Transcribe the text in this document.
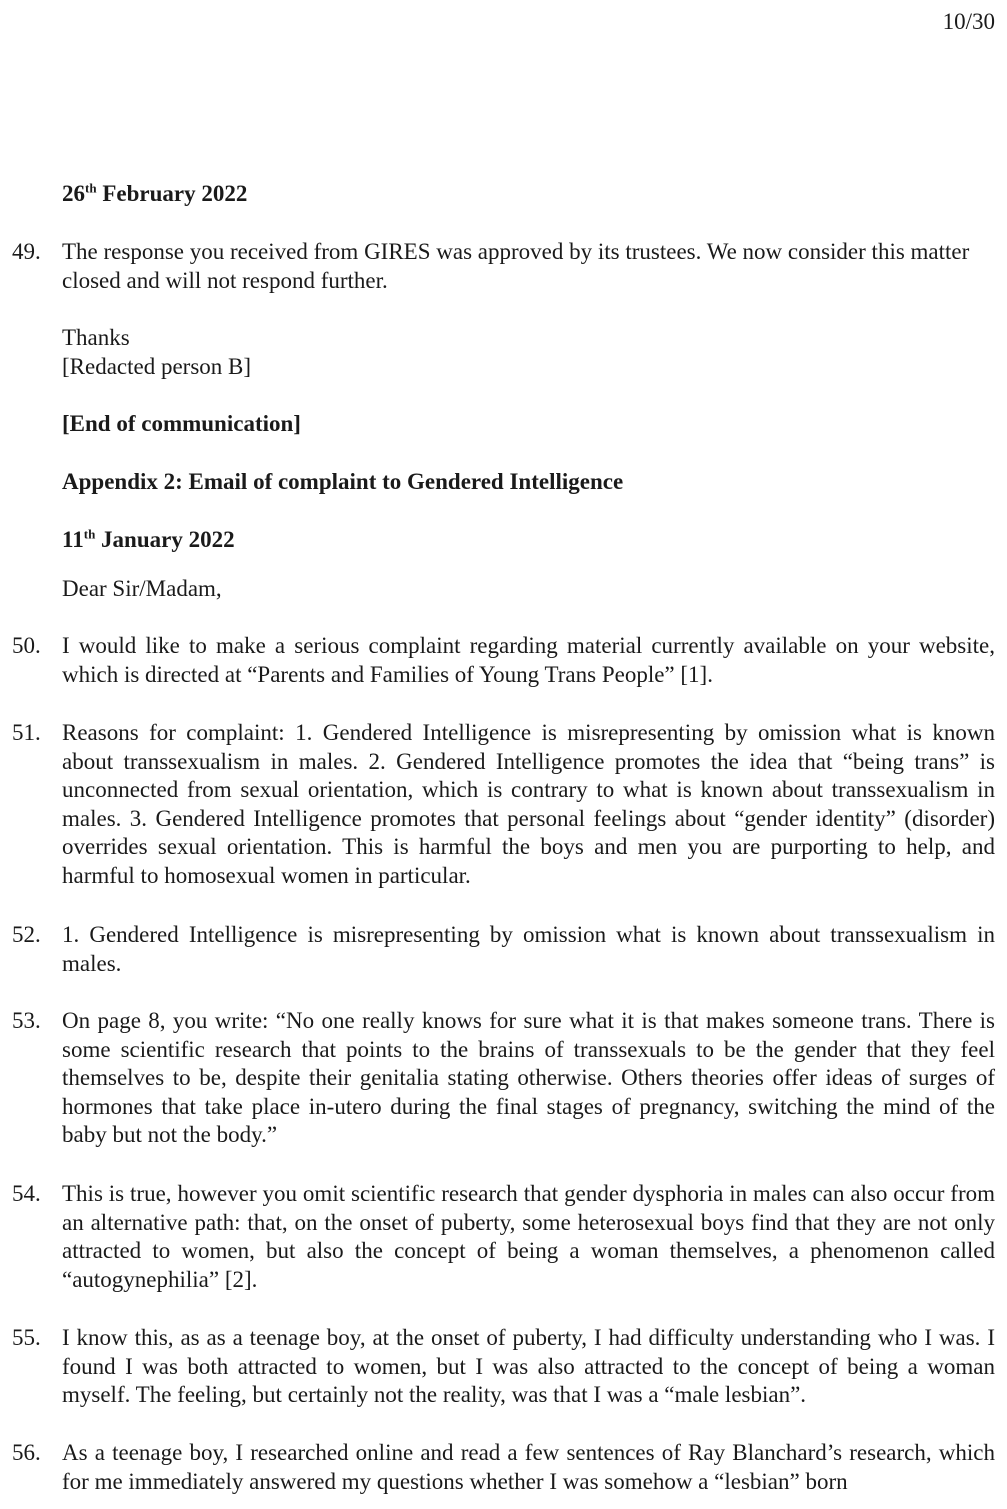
10/30
26th February 2022
49. The response you received from GIRES was approved by its trustees. We now consider this matter closed and will not respond further.
Thanks
[Redacted person B]
[End of communication]
Appendix 2: Email of complaint to Gendered Intelligence
11th January 2022
Dear Sir/Madam,
50. I would like to make a serious complaint regarding material currently available on your website, which is directed at “Parents and Families of Young Trans People” [1].
51. Reasons for complaint: 1. Gendered Intelligence is misrepresenting by omission what is known about transsexualism in males. 2. Gendered Intelligence promotes the idea that “being trans” is unconnected from sexual orientation, which is contrary to what is known about transsexualism in males. 3. Gendered Intelligence promotes that personal feelings about “gender identity” (disorder) overrides sexual orientation. This is harmful the boys and men you are purporting to help, and harmful to homosexual women in particular.
52. 1. Gendered Intelligence is misrepresenting by omission what is known about transsexualism in males.
53. On page 8, you write: “No one really knows for sure what it is that makes someone trans. There is some scientific research that points to the brains of transsexuals to be the gender that they feel themselves to be, despite their genitalia stating otherwise. Others theories offer ideas of surges of hormones that take place in-utero during the final stages of pregnancy, switching the mind of the baby but not the body.”
54. This is true, however you omit scientific research that gender dysphoria in males can also occur from an alternative path: that, on the onset of puberty, some heterosexual boys find that they are not only attracted to women, but also the concept of being a woman themselves, a phenomenon called “autogynephilia” [2].
55. I know this, as as a teenage boy, at the onset of puberty, I had difficulty understanding who I was. I found I was both attracted to women, but I was also attracted to the concept of being a woman myself. The feeling, but certainly not the reality, was that I was a “male lesbian”.
56. As a teenage boy, I researched online and read a few sentences of Ray Blanchard’s research, which for me immediately answered my questions whether I was somehow a “lesbian” born
